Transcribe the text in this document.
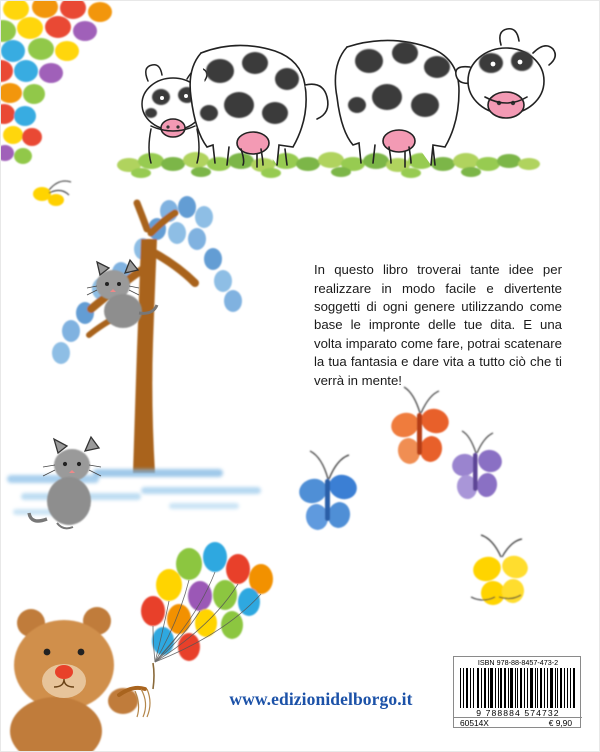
In questo libro troverai tante idee per realizzare in modo facile e divertente soggetti di ogni genere utilizzando come base le impronte delle tue dita. E una volta imparato come fare, potrai scatenare la tua fantasia e dare vita a tutto ciò che ti verrà in mente!

www.edizionidelborgo.it
ISBN 978-88-8457-473-2
9 788884 574732
60514X	€ 9,90
